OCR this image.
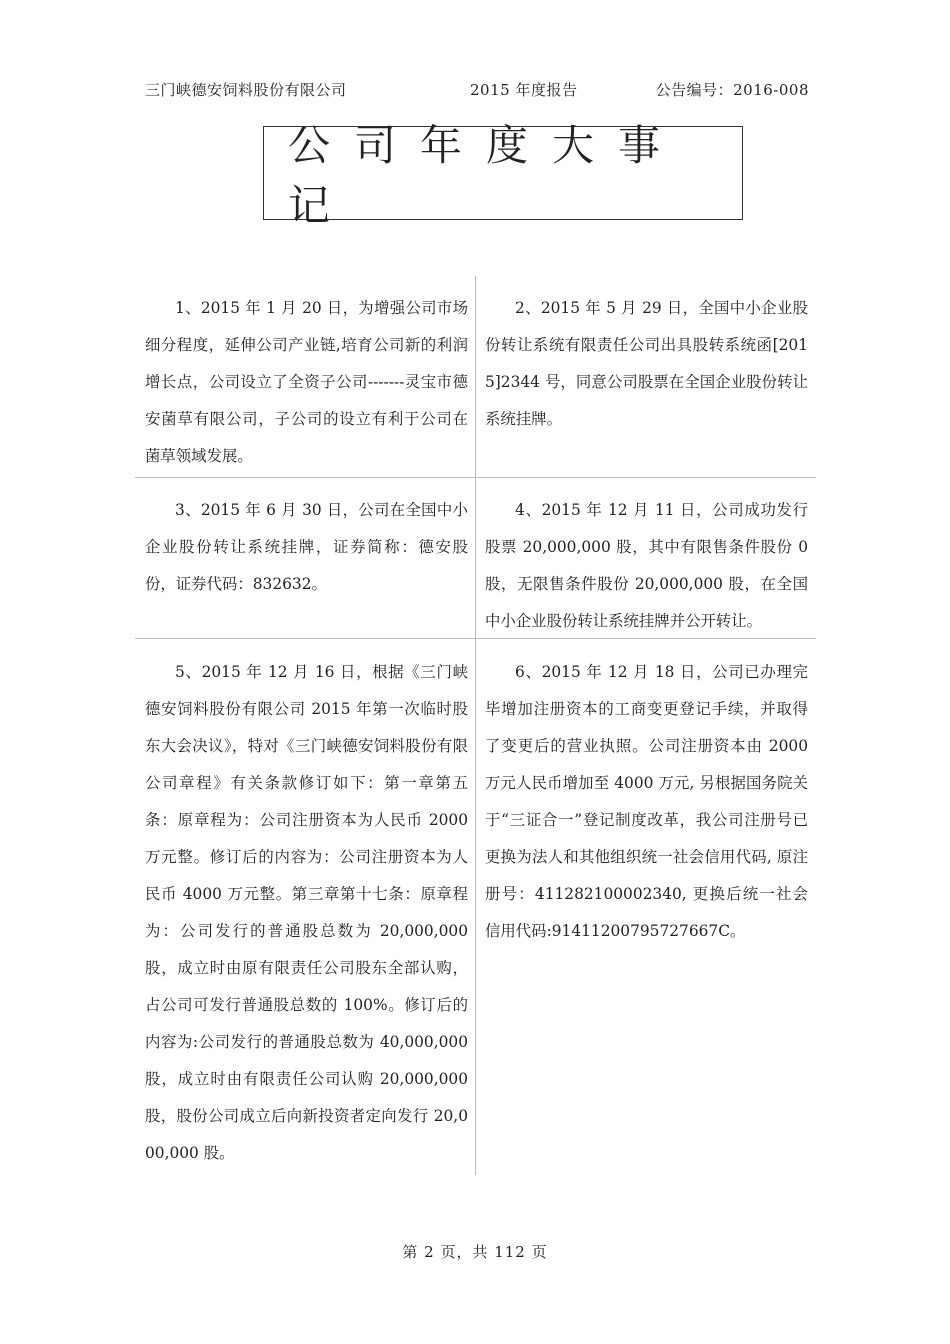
三门峡德安饲料股份有限公司	2015 年度报告	公告编号：2016-008
公司年度大事记

1、2015 年 1 月 20 日，为增强公司市场细分程度，延伸公司产业链,培育公司新的利润增长点，公司设立了全资子公司-------灵宝市德安菌草有限公司，子公司的设立有利于公司在菌草领域发展。

2、2015 年 5 月 29 日，全国中小企业股份转让系统有限责任公司出具股转系统函[2015]2344 号，同意公司股票在全国企业股份转让系统挂牌。

3、2015 年 6 月 30 日，公司在全国中小企业股份转让系统挂牌，证券简称：德安股份，证券代码：832632。

4、2015 年 12 月 11 日，公司成功发行股票 20,000,000 股，其中有限售条件股份 0 股，无限售条件股份 20,000,000 股，在全国中小企业股份转让系统挂牌并公开转让。

5、2015 年 12 月 16 日，根据《三门峡德安饲料股份有限公司 2015 年第一次临时股东大会决议》，特对《三门峡德安饲料股份有限公司章程》有关条款修订如下：第一章第五条：原章程为：公司注册资本为人民币 2000 万元整。修订后的内容为：公司注册资本为人民币 4000 万元整。第三章第十七条：原章程为：公司发行的普通股总数为 20,000,000 股，成立时由原有限责任公司股东全部认购，占公司可发行普通股总数的 100%。修订后的内容为:公司发行的普通股总数为 40,000,000 股，成立时由有限责任公司认购 20,000,000 股，股份公司成立后向新投资者定向发行 20,000,000 股。

6、2015 年 12 月 18 日，公司已办理完毕增加注册资本的工商变更登记手续，并取得了变更后的营业执照。公司注册资本由 2000 万元人民币增加至 4000 万元, 另根据国务院关于“三证合一”登记制度改革，我公司注册号已更换为法人和其他组织统一社会信用代码, 原注册号：411282100002340, 更换后统一社会信用代码:91411200795727667C。

第 2 页，共 112 页
